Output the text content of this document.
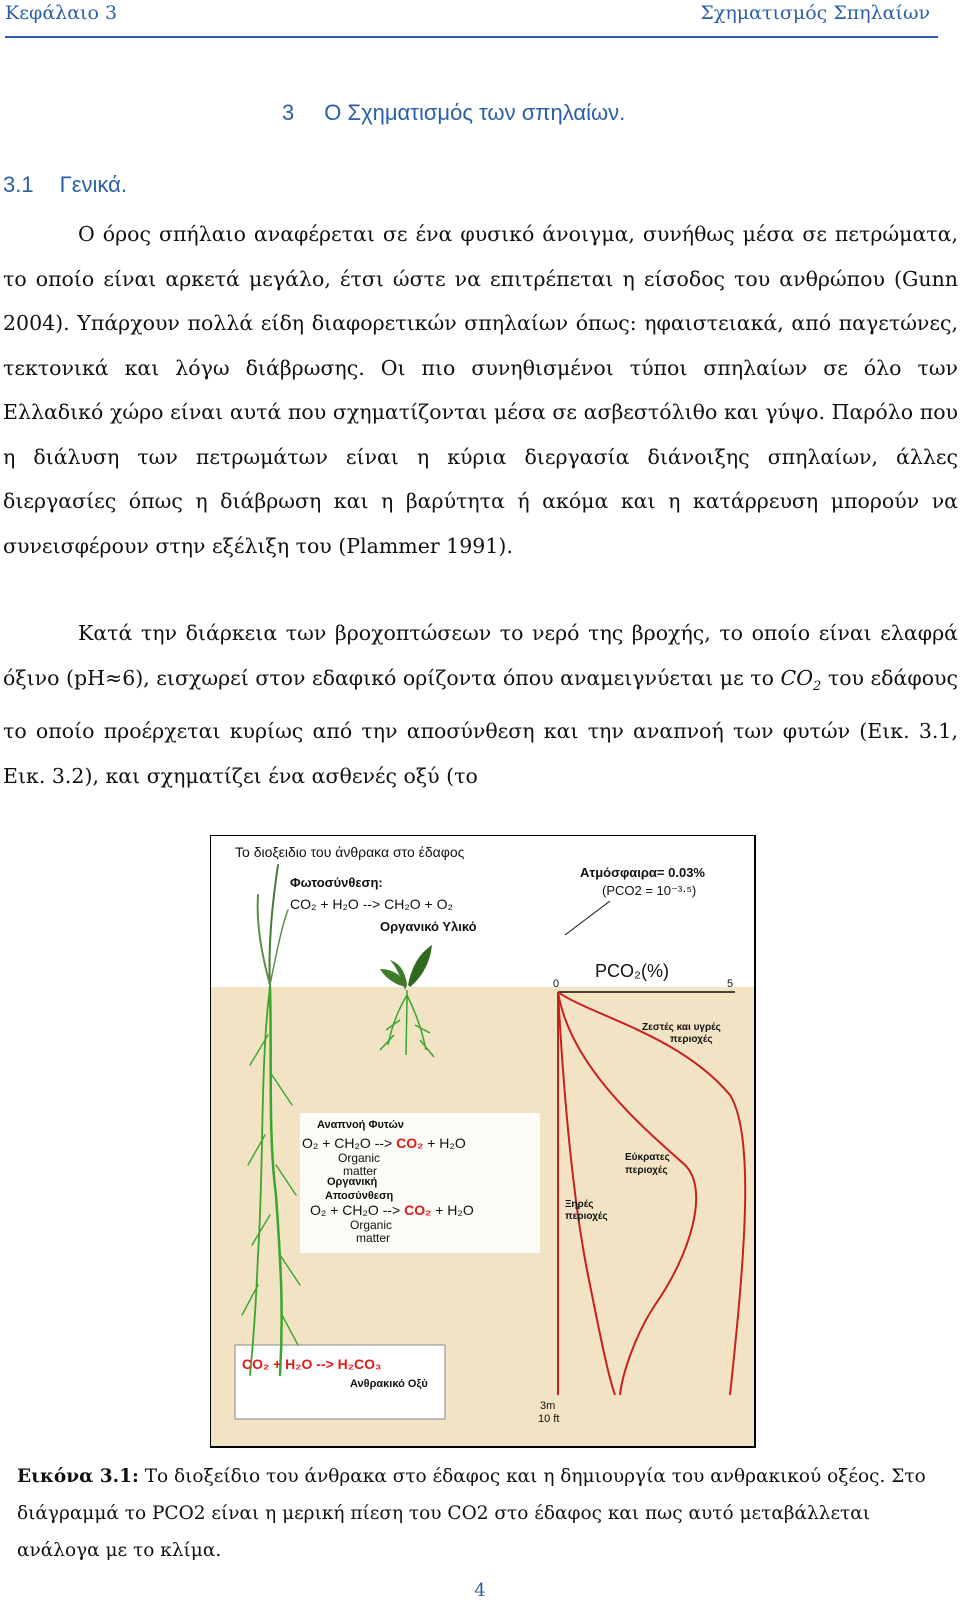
Κεφάλαιο 3	Σχηματισμός Σπηλαίων
3 Ο Σχηματισμός των σπηλαίων.
3.1 Γενικά.
Ο όρος σπήλαιο αναφέρεται σε ένα φυσικό άνοιγμα, συνήθως μέσα σε πετρώματα, το οποίο είναι αρκετά μεγάλο, έτσι ώστε να επιτρέπεται η είσοδος του ανθρώπου (Gunn 2004). Υπάρχουν πολλά είδη διαφορετικών σπηλαίων όπως: ηφαιστειακά, από παγετώνες, τεκτονικά και λόγω διάβρωσης. Οι πιο συνηθισμένοι τύποι σπηλαίων σε όλο των Ελλαδικό χώρο είναι αυτά που σχηματίζονται μέσα σε ασβεστόλιθο και γύψο. Παρόλο που η διάλυση των πετρωμάτων είναι η κύρια διεργασία διάνοιξης σπηλαίων, άλλες διεργασίες όπως η διάβρωση και η βαρύτητα ή ακόμα και η κατάρρευση μπορούν να συνεισφέρουν στην εξέλιξη του (Plammer 1991).
Κατά την διάρκεια των βροχοπτώσεων το νερό της βροχής, το οποίο είναι ελαφρά όξινο (pH≈6), εισχωρεί στον εδαφικό ορίζοντα όπου αναμειγνύεται με το $CO_2$ του εδάφους το οποίο προέρχεται κυρίως από την αποσύνθεση και την αναπνοή των φυτών (Εικ. 3.1, Εικ. 3.2), και σχηματίζει ένα ασθενές οξύ (το
Το διοξειδιο του άνθρακα στο έδαφος
Φωτοσύνθεση:
CO₂ + H₂O --> CH₂O + O₂
Οργανικό Υλικό
Ατμόσφαιρα= 0.03%
(PCO2 = 10⁻³·⁵)
PCO₂(%)
0	5
Ζεστές και υγρές
περιοχές
Εύκρατες
περιοχές
Ξηρές
περιοχές
Αναπνοή Φυτών
O₂ + CH₂O --> CO₂ + H₂O
Organic
matter
Οργανική
Αποσύνθεση
O₂ + CH₂O --> CO₂ + H₂O
Organic
matter
CO₂ + H₂O --> H₂CO₃
Ανθρακικό Οξύ
3m
10 ft
Εικόνα 3.1: Το διοξείδιο του άνθρακα στο έδαφος και η δημιουργία του ανθρακικού οξέος. Στο διάγραμμά το PCO2 είναι η μερική πίεση του CO2 στο έδαφος και πως αυτό μεταβάλλεται ανάλογα με το κλίμα.
4
